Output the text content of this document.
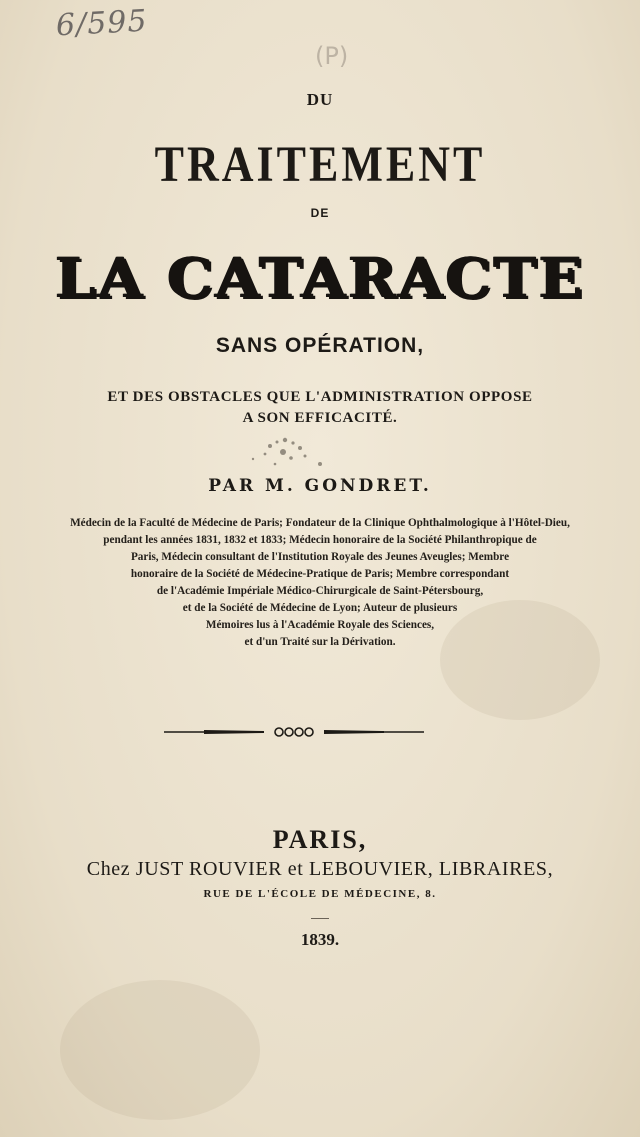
6/595
(P)
DU
TRAITEMENT
DE
LA CATARACTE
SANS OPÉRATION,
ET DES OBSTACLES QUE L'ADMINISTRATION OPPOSE
A SON EFFICACITÉ.
PAR M. GONDRET.
Médecin de la Faculté de Médecine de Paris; Fondateur de la Clinique Ophthalmologique à l'Hôtel-Dieu,
pendant les années 1831, 1832 et 1833; Médecin honoraire de la Société Philanthropique de
Paris, Médecin consultant de l'Institution Royale des Jeunes Aveugles; Membre
honoraire de la Société de Médecine-Pratique de Paris; Membre correspondant
de l'Académie Impériale Médico-Chirurgicale de Saint-Pétersbourg,
et de la Société de Médecine de Lyon; Auteur de plusieurs
Mémoires lus à l'Académie Royale des Sciences,
et d'un Traité sur la Dérivation.
PARIS,
Chez JUST ROUVIER et LEBOUVIER, LIBRAIRES,
RUE DE L'ÉCOLE DE MÉDECINE, 8.
1839.
